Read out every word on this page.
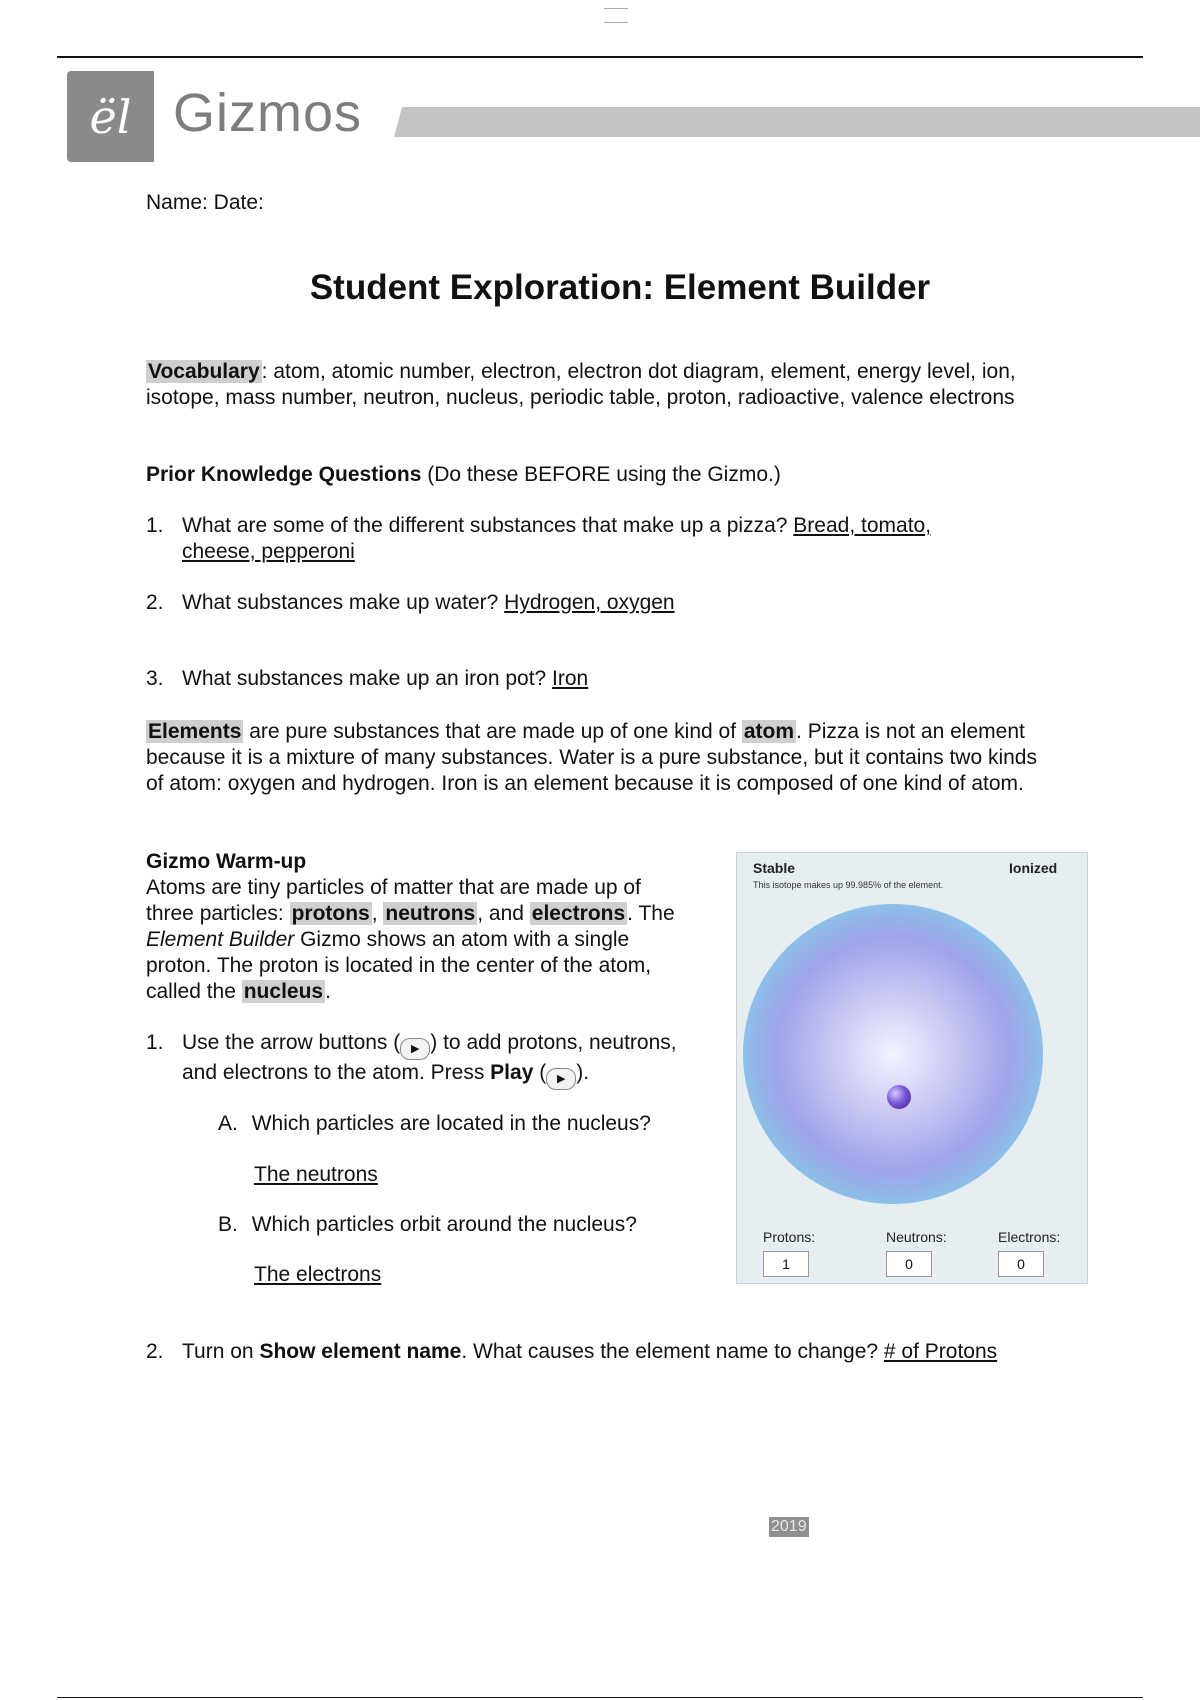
ël Gizmos
Name: Date:
Student Exploration: Element Builder
Vocabulary: atom, atomic number, electron, electron dot diagram, element, energy level, ion,
isotope, mass number, neutron, nucleus, periodic table, proton, radioactive, valence electrons
Prior Knowledge Questions (Do these BEFORE using the Gizmo.)
1. What are some of the different substances that make up a pizza? Bread, tomato,
cheese, pepperoni
2. What substances make up water? Hydrogen, oxygen
3. What substances make up an iron pot? Iron
Elements are pure substances that are made up of one kind of atom. Pizza is not an element
because it is a mixture of many substances. Water is a pure substance, but it contains two kinds
of atom: oxygen and hydrogen. Iron is an element because it is composed of one kind of atom.
Gizmo Warm-up
Atoms are tiny particles of matter that are made up of
three particles: protons, neutrons, and electrons. The
Element Builder Gizmo shows an atom with a single
proton. The proton is located in the center of the atom,
called the nucleus.
1. Use the arrow buttons ( ▶ ) to add protons, neutrons,
and electrons to the atom. Press Play ( ▶ ).
A. Which particles are located in the nucleus?
The neutrons
B. Which particles orbit around the nucleus?
The electrons
Stable	Ionized
This isotope makes up 99.985% of the element.
Protons:	Neutrons:	Electrons:
1	0	0
2. Turn on Show element name. What causes the element name to change? # of Protons
2019
